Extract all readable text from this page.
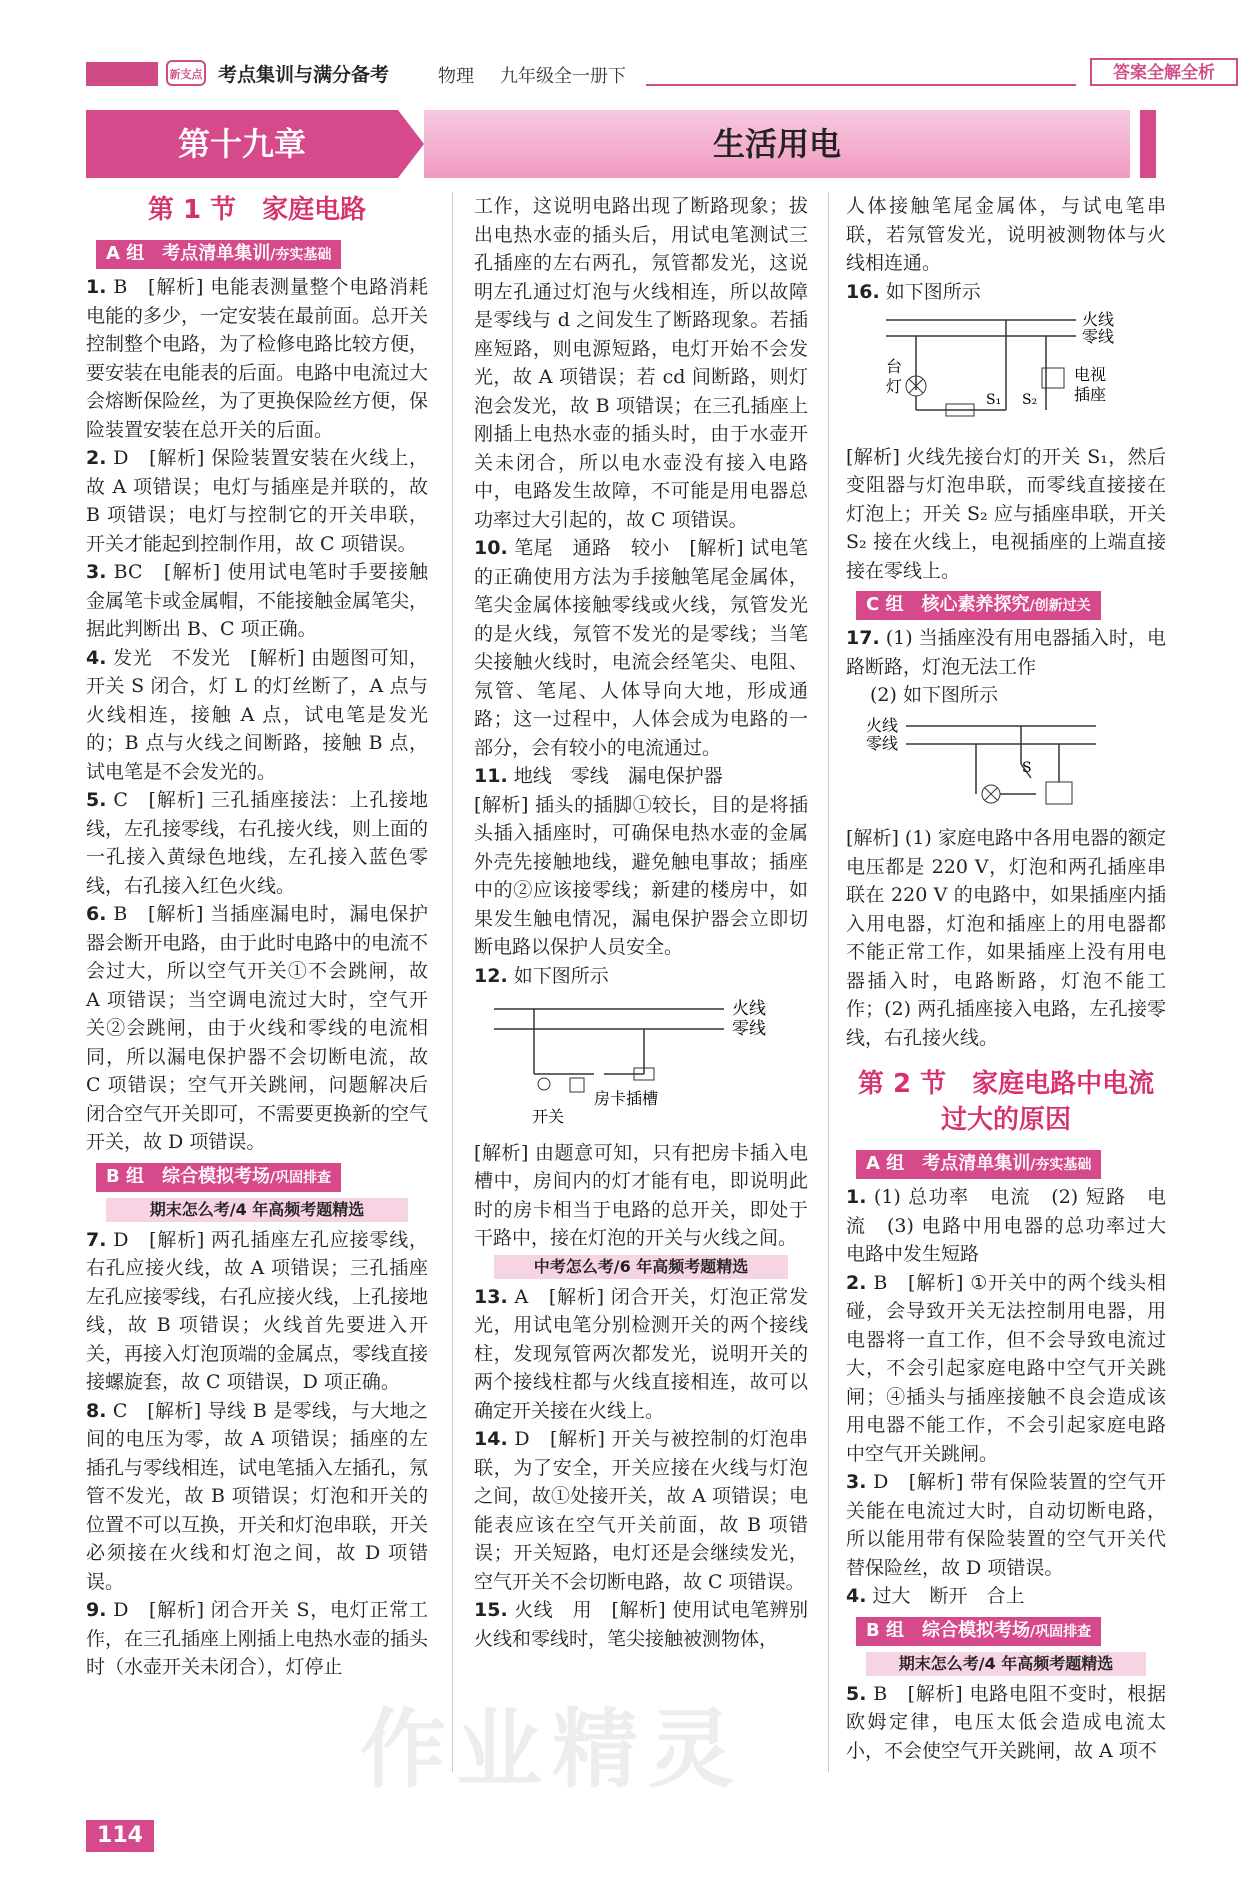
新支点 考点集训与满分备考	物理 九年级全一册下	答案全解全析
第十九章	生活用电
第 1 节　家庭电路
A 组　考点清单集训/夯实基础
1. B　[解析] 电能表测量整个电路消耗电能的多少，一定安装在最前面。总开关控制整个电路，为了检修电路比较方便，要安装在电能表的后面。电路中电流过大会熔断保险丝，为了更换保险丝方便，保险装置安装在总开关的后面。
2. D　[解析] 保险装置安装在火线上，故 A 项错误；电灯与插座是并联的，故 B 项错误；电灯与控制它的开关串联，开关才能起到控制作用，故 C 项错误。
3. BC　[解析] 使用试电笔时手要接触金属笔卡或金属帽，不能接触金属笔尖，据此判断出 B、C 项正确。
4. 发光　不发光　[解析] 由题图可知，开关 S 闭合，灯 L 的灯丝断了，A 点与火线相连，接触 A 点，试电笔是发光的；B 点与火线之间断路，接触 B 点，试电笔是不会发光的。
5. C　[解析] 三孔插座接法：上孔接地线，左孔接零线，右孔接火线，则上面的一孔接入黄绿色地线，左孔接入蓝色零线，右孔接入红色火线。
6. B　[解析] 当插座漏电时，漏电保护器会断开电路，由于此时电路中的电流不会过大，所以空气开关①不会跳闸，故 A 项错误；当空调电流过大时，空气开关②会跳闸，由于火线和零线的电流相同，所以漏电保护器不会切断电流，故 C 项错误；空气开关跳闸，问题解决后闭合空气开关即可，不需要更换新的空气开关，故 D 项错误。
B 组　综合模拟考场/巩固排查
期末怎么考/4 年高频考题精选
7. D　[解析] 两孔插座左孔应接零线，右孔应接火线，故 A 项错误；三孔插座左孔应接零线，右孔应接火线，上孔接地线，故 B 项错误；火线首先要进入开关，再接入灯泡顶端的金属点，零线直接接螺旋套，故 C 项错误，D 项正确。
8. C　[解析] 导线 B 是零线，与大地之间的电压为零，故 A 项错误；插座的左插孔与零线相连，试电笔插入左插孔，氖管不发光，故 B 项错误；灯泡和开关的位置不可以互换，开关和灯泡串联，开关必须接在火线和灯泡之间，故 D 项错误。
9. D　[解析] 闭合开关 S，电灯正常工作，在三孔插座上刚插上电热水壶的插头时（水壶开关未闭合），灯停止

工作，这说明电路出现了断路现象；拔出电热水壶的插头后，用试电笔测试三孔插座的左右两孔，氖管都发光，这说明左孔通过灯泡与火线相连，所以故障是零线与 d 之间发生了断路现象。若插座短路，则电源短路，电灯开始不会发光，故 A 项错误；若 cd 间断路，则灯泡会发光，故 B 项错误；在三孔插座上刚插上电热水壶的插头时，由于水壶开关未闭合，所以电水壶没有接入电路中，电路发生故障，不可能是用电器总功率过大引起的，故 C 项错误。

10. 笔尾　通路　较小　[解析] 试电笔的正确使用方法为手接触笔尾金属体，笔尖金属体接触零线或火线，氖管发光的是火线，氖管不发光的是零线；当笔尖接触火线时，电流会经笔尖、电阻、氖管、笔尾、人体导向大地，形成通路；这一过程中，人体会成为电路的一部分，会有较小的电流通过。
11. 地线　零线　漏电保护器

[解析] 插头的插脚①较长，目的是将插头插入插座时，可确保电热水壶的金属外壳先接触地线，避免触电事故；插座中的②应该接零线；新建的楼房中，如果发生触电情况，漏电保护器会立即切断电路以保护人员安全。

12. 如下图所示
火线
零线
房卡插槽
开关

[解析] 由题意可知，只有把房卡插入电槽中，房间内的灯才能有电，即说明此时的房卡相当于电路的总开关，即处于干路中，接在灯泡的开关与火线之间。

中考怎么考/6 年高频考题精选
13. A　[解析] 闭合开关，灯泡正常发光，用试电笔分别检测开关的两个接线柱，发现氖管两次都发光，说明开关的两个接线柱都与火线直接相连，故可以确定开关接在火线上。
14. D　[解析] 开关与被控制的灯泡串联，为了安全，开关应接在火线与灯泡之间，故①处接开关，故 A 项错误；电能表应该在空气开关前面，故 B 项错误；开关短路，电灯还是会继续发光，空气开关不会切断电路，故 C 项错误。
15. 火线　用　[解析] 使用试电笔辨别火线和零线时，笔尖接触被测物体，

人体接触笔尾金属体，与试电笔串联，若氖管发光，说明被测物体与火线相连通。

16. 如下图所示
火线
零线
台
灯
电视
插座
S₁ S₂

[解析] 火线先接台灯的开关 S₁，然后变阻器与灯泡串联，而零线直接接在灯泡上；开关 S₂ 应与插座串联，开关 S₂ 接在火线上，电视插座的上端直接接在零线上。

C 组　核心素养探究/创新过关
17. (1) 当插座没有用电器插入时，电路断路，灯泡无法工作

(2) 如下图所示

火线
零线
S

[解析] (1) 家庭电路中各用电器的额定电压都是 220 V，灯泡和两孔插座串联在 220 V 的电路中，如果插座内插入用电器，灯泡和插座上的用电器都不能正常工作，如果插座上没有用电器插入时，电路断路，灯泡不能工作；(2) 两孔插座接入电路，左孔接零线，右孔接火线。

第 2 节　家庭电路中电流过大的原因
A 组　考点清单集训/夯实基础
1. (1) 总功率　电流　(2) 短路　电流　(3) 电路中用电器的总功率过大　电路中发生短路
2. B　[解析] ①开关中的两个线头相碰，会导致开关无法控制用电器，用电器将一直工作，但不会导致电流过大，不会引起家庭电路中空气开关跳闸；④插头与插座接触不良会造成该用电器不能工作，不会引起家庭电路中空气开关跳闸。
3. D　[解析] 带有保险装置的空气开关能在电流过大时，自动切断电路，所以能用带有保险装置的空气开关代替保险丝，故 D 项错误。
4. 过大　断开　合上
B 组　综合模拟考场/巩固排查
期末怎么考/4 年高频考题精选
5. B　[解析] 电路电阻不变时，根据欧姆定律，电压太低会造成电流太小，不会使空气开关跳闸，故 A 项不
作业精灵
114
